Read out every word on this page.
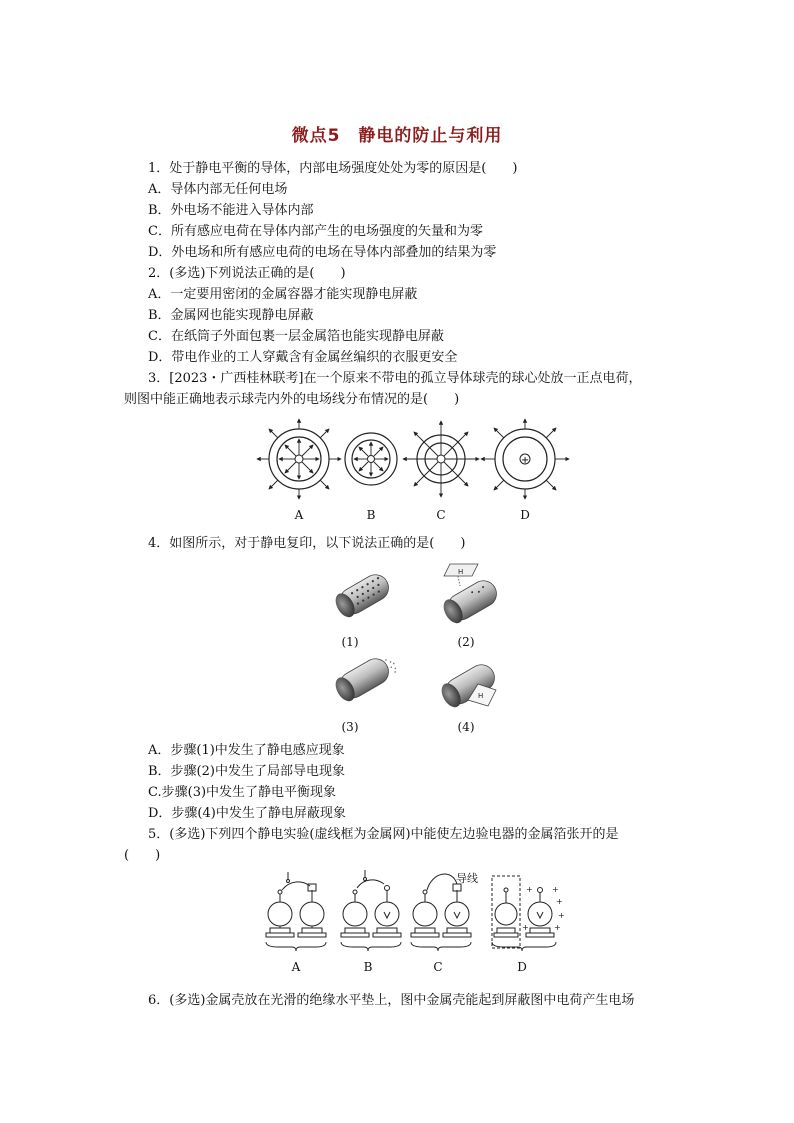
微点5　静电的防止与利用
1．处于静电平衡的导体，内部电场强度处处为零的原因是(　　)
A．导体内部无任何电场
B．外电场不能进入导体内部
C．所有感应电荷在导体内部产生的电场强度的矢量和为零
D．外电场和所有感应电荷的电场在导体内部叠加的结果为零
2．(多选)下列说法正确的是(　　)
A．一定要用密闭的金属容器才能实现静电屏蔽
B．金属网也能实现静电屏蔽
C．在纸筒子外面包裹一层金属箔也能实现静电屏蔽
D．带电作业的工人穿戴含有金属丝编织的衣服更安全
3．[2023・广西桂林联考]在一个原来不带电的孤立导体球壳的球心处放一正点电荷，
则图中能正确地表示球壳内外的电场线分布情况的是(　　)
+
A	B	C	D
4．如图所示，对于静电复印，以下说法正确的是(　　)
H
H
(1)	(2)
(3)	(4)
A．步骤(1)中发生了静电感应现象
B．步骤(2)中发生了局部导电现象
C.步骤(3)中发生了静电平衡现象
D．步骤(4)中发生了静电屏蔽现象
5．(多选)下列四个静电实验(虚线框为金属网)中能使左边验电器的金属箔张开的是
(　　)
+ +
+
+
+
+
导线
A	B	C	D
6．(多选)金属壳放在光滑的绝缘水平垫上，图中金属壳能起到屏蔽图中电荷产生电场
